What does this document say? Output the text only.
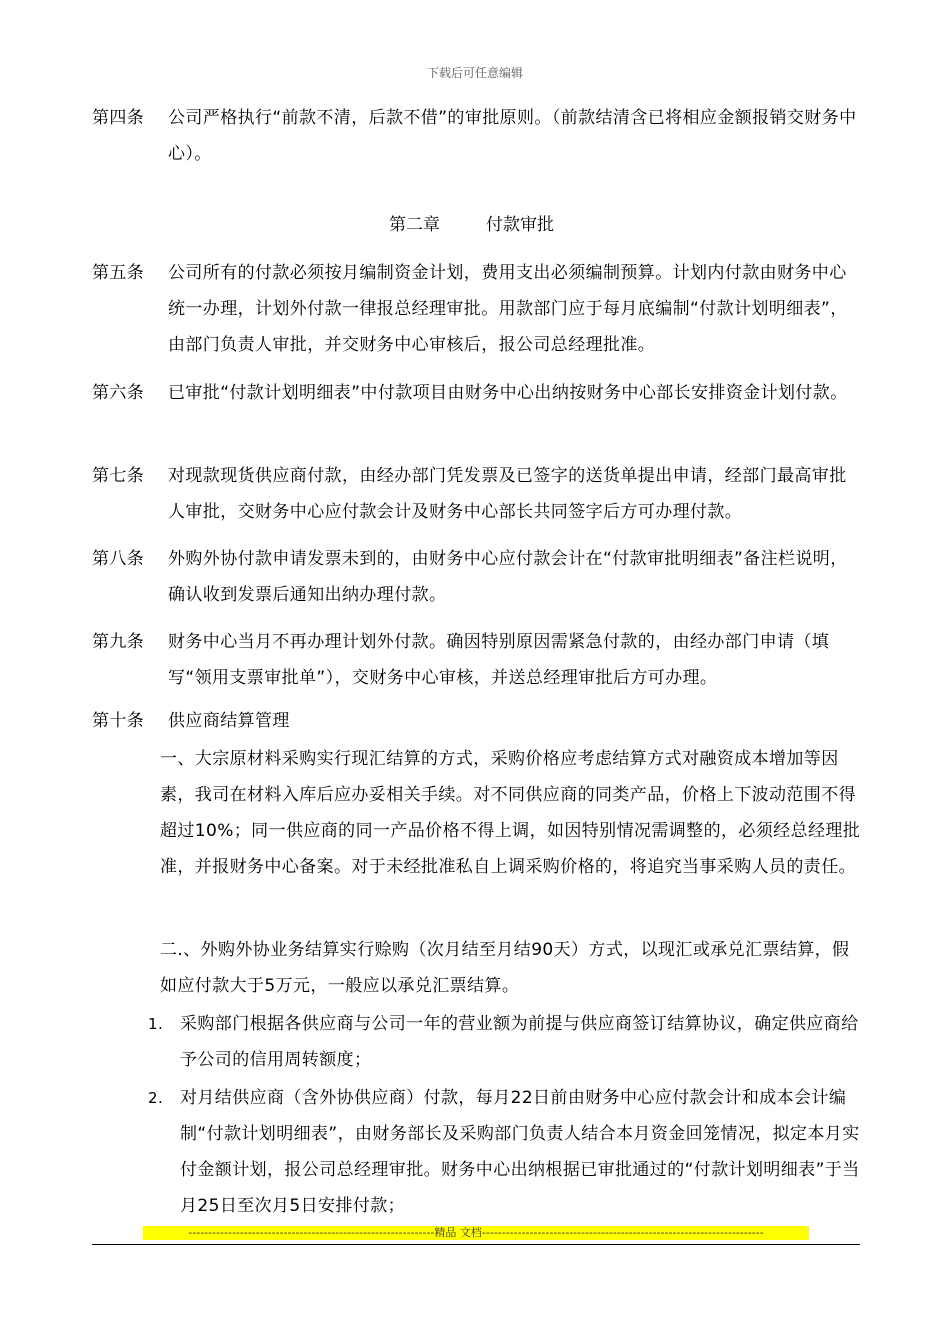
下载后可任意编辑
第四条	公司严格执行“前款不清，后款不借”的审批原则。（前款结清含已将相应金额报销交财务中心）。
第二章	付款审批
第五条	公司所有的付款必须按月编制资金计划，费用支出必须编制预算。计划内付款由财务中心统一办理，计划外付款一律报总经理审批。用款部门应于每月底编制“付款计划明细表”，由部门负责人审批，并交财务中心审核后，报公司总经理批准。
第六条	已审批“付款计划明细表”中付款项目由财务中心出纳按财务中心部长安排资金计划付款。
第七条	对现款现货供应商付款，由经办部门凭发票及已签字的送货单提出申请，经部门最高审批人审批，交财务中心应付款会计及财务中心部长共同签字后方可办理付款。
第八条	外购外协付款申请发票未到的，由财务中心应付款会计在“付款审批明细表”备注栏说明，确认收到发票后通知出纳办理付款。
第九条	财务中心当月不再办理计划外付款。确因特别原因需紧急付款的，由经办部门申请（填写“领用支票审批单”），交财务中心审核，并送总经理审批后方可办理。
第十条	供应商结算管理
一、大宗原材料采购实行现汇结算的方式，采购价格应考虑结算方式对融资成本增加等因素，我司在材料入库后应办妥相关手续。对不同供应商的同类产品，价格上下波动范围不得超过10%；同一供应商的同一产品价格不得上调，如因特别情况需调整的，必须经总经理批准，并报财务中心备案。对于未经批准私自上调采购价格的，将追究当事采购人员的责任。
二.、外购外协业务结算实行赊购（次月结至月结90天）方式，以现汇或承兑汇票结算，假如应付款大于5万元，一般应以承兑汇票结算。
1. 采购部门根据各供应商与公司一年的营业额为前提与供应商签订结算协议，确定供应商给予公司的信用周转额度；
2. 对月结供应商（含外协供应商）付款，每月22日前由财务中心应付款会计和成本会计编制“付款计划明细表”，由财务部长及采购部门负责人结合本月资金回笼情况，拟定本月实付金额计划，报公司总经理审批。财务中心出纳根据已审批通过的“付款计划明细表”于当月25日至次月5日安排付款；
--------------------------------------------------------------精品 文档-----------------------------------------------------------------------
